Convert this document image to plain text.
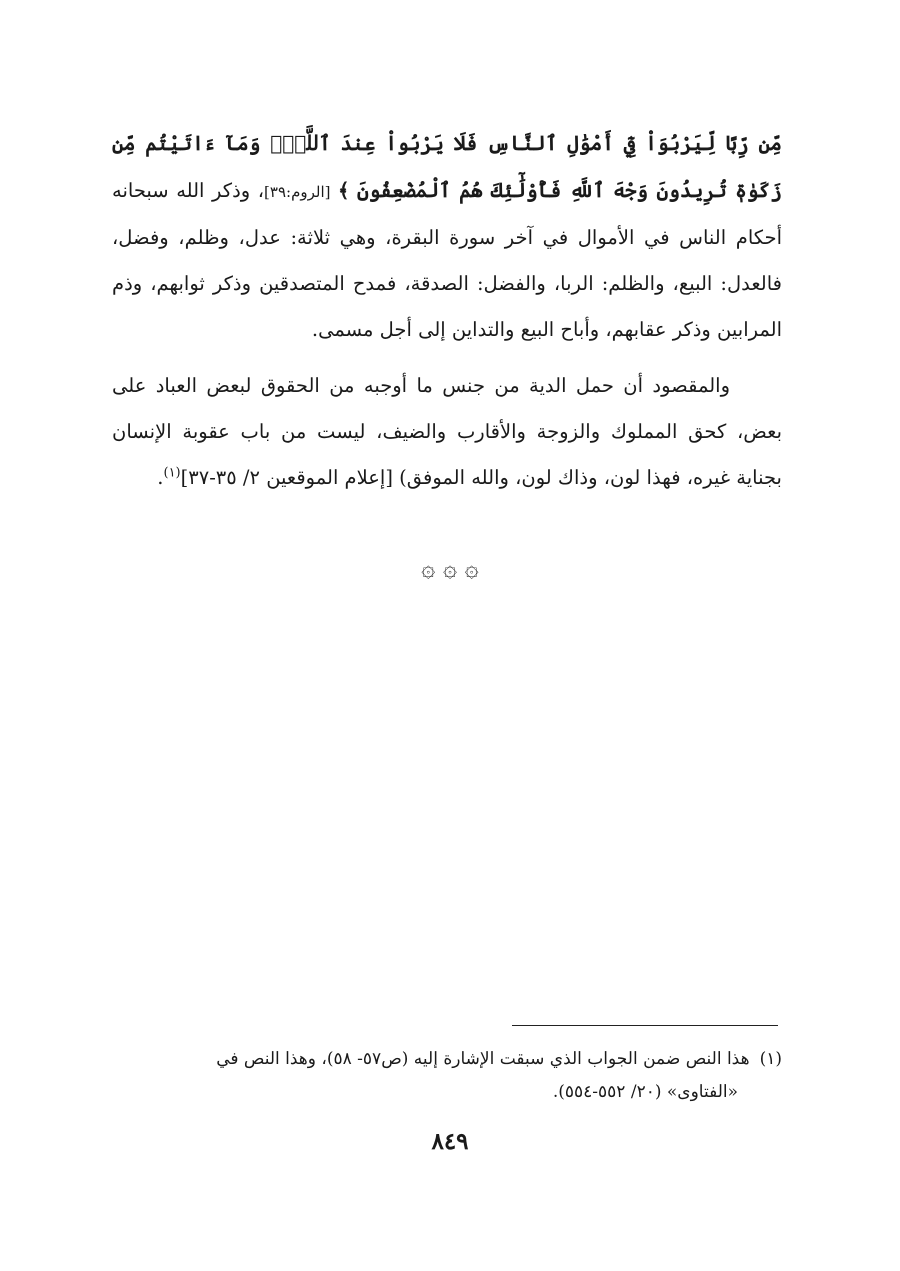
مِّن رِّبًا لِّيَرْبُوَاْ فِيٓ أَمْوَٰلِ ٱلنَّاسِ فَلَا يَرْبُواْ عِندَ ٱللَّهِۖ وَمَآ ءَاتَيْتُم مِّن زَكَوٰةٖ تُرِيدُونَ وَجْهَ ٱللَّهِ فَأُوْلَٰٓئِكَ هُمُ ٱلْمُضْعِفُونَ ﴾ [الروم:٣٩]، وذكر الله سبحانه أحكام الناس في الأموال في آخر سورة البقرة، وهي ثلاثة: عدل، وظلم، وفضل، فالعدل: البيع، والظلم: الربا، والفضل: الصدقة، فمدح المتصدقين وذكر ثوابهم، وذم المرابين وذكر عقابهم، وأباح البيع والتداين إلى أجل مسمى.

والمقصود أن حمل الدية من جنس ما أوجبه من الحقوق لبعض العباد على بعض، كحق المملوك والزوجة والأقارب والضيف، ليست من باب عقوبة الإنسان بجناية غيره، فهذا لون، وذاك لون، والله الموفق) [إعلام الموقعين ٢/ ٣٥-٣٧]$^{(١)}$.

۞ ۞ ۞
(١)هذا النص ضمن الجواب الذي سبقت الإشارة إليه (ص٥٧- ٥٨)، وهذا النص في
«الفتاوى» (٢٠/ ٥٥٢-٥٥٤).
٨٤٩
